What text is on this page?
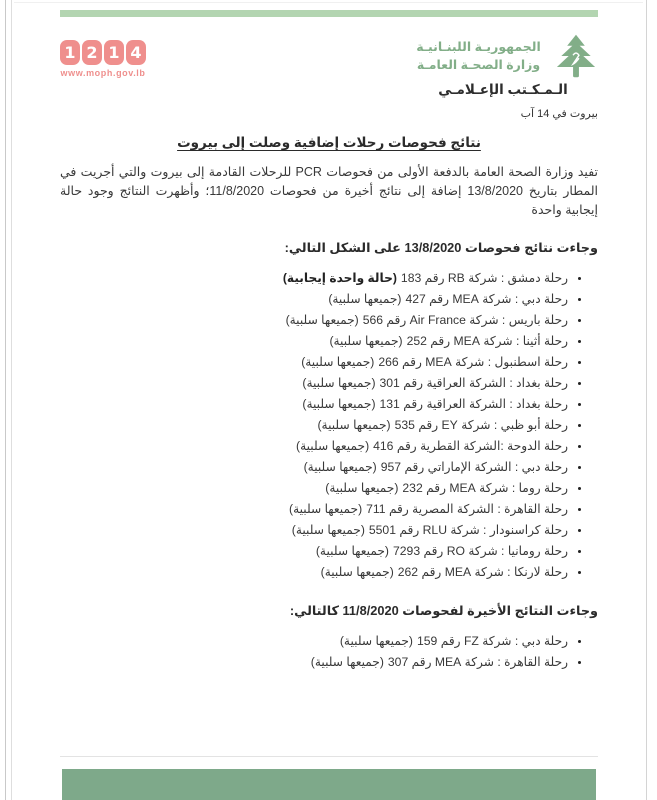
الجمهوريـة اللبنـانيـة
وزارة الصحـة العامـة
الـمـكـتب الإعـلامـي
1 2 1 4
www.moph.gov.lb
بيروت في 14 آب
نتائج فحوصات رحلات إضافية وصلت إلى بيروت

تفيد وزارة الصحة العامة بالدفعة الأولى من فحوصات PCR للرحلات القادمة إلى بيروت والتي أجريت في المطار بتاريخ 13/8/2020 إضافة إلى نتائج أخيرة من فحوصات 11/8/2020؛ وأظهرت النتائج وجود حالة إيجابية واحدة

وجاءت نتائج فحوصات 13/8/2020 على الشكل التالي:
• رحلة دمشق : شركة RB رقم 183(حالة واحدة إيجابية)
• رحلة دبي : شركة MEA رقم 427(جميعها سلبية)
• رحلة باريس : شركة Air France رقم 566(جميعها سلبية)
• رحلة أثينا : شركة MEA رقم 252(جميعها سلبية)
• رحلة اسطنبول : شركة MEA رقم 266(جميعها سلبية)
• رحلة بغداد : الشركة العراقية رقم 301(جميعها سلبية)
• رحلة بغداد : الشركة العراقية رقم 131(جميعها سلبية)
• رحلة أبو ظبي : شركة EY رقم 535(جميعها سلبية)
• رحلة الدوحة :الشركة القطرية رقم 416(جميعها سلبية)
• رحلة دبي : الشركة الإماراتي رقم 957(جميعها سلبية)
• رحلة روما : شركة MEA رقم 232(جميعها سلبية)
• رحلة القاهرة : الشركة المصرية رقم 711(جميعها سلبية)
• رحلة كراسنودار : شركة RLU رقم 5501(جميعها سلبية)
• رحلة رومانيا : شركة RO رقم 7293(جميعها سلبية)
• رحلة لارنكا : شركة MEA رقم 262(جميعها سلبية)
وجاءت النتائج الأخيرة لفحوصات 11/8/2020 كالتالي:
• رحلة دبي : شركة FZ رقم 159(جميعها سلبية)
• رحلة القاهرة : شركة MEA رقم 307(جميعها سلبية)
